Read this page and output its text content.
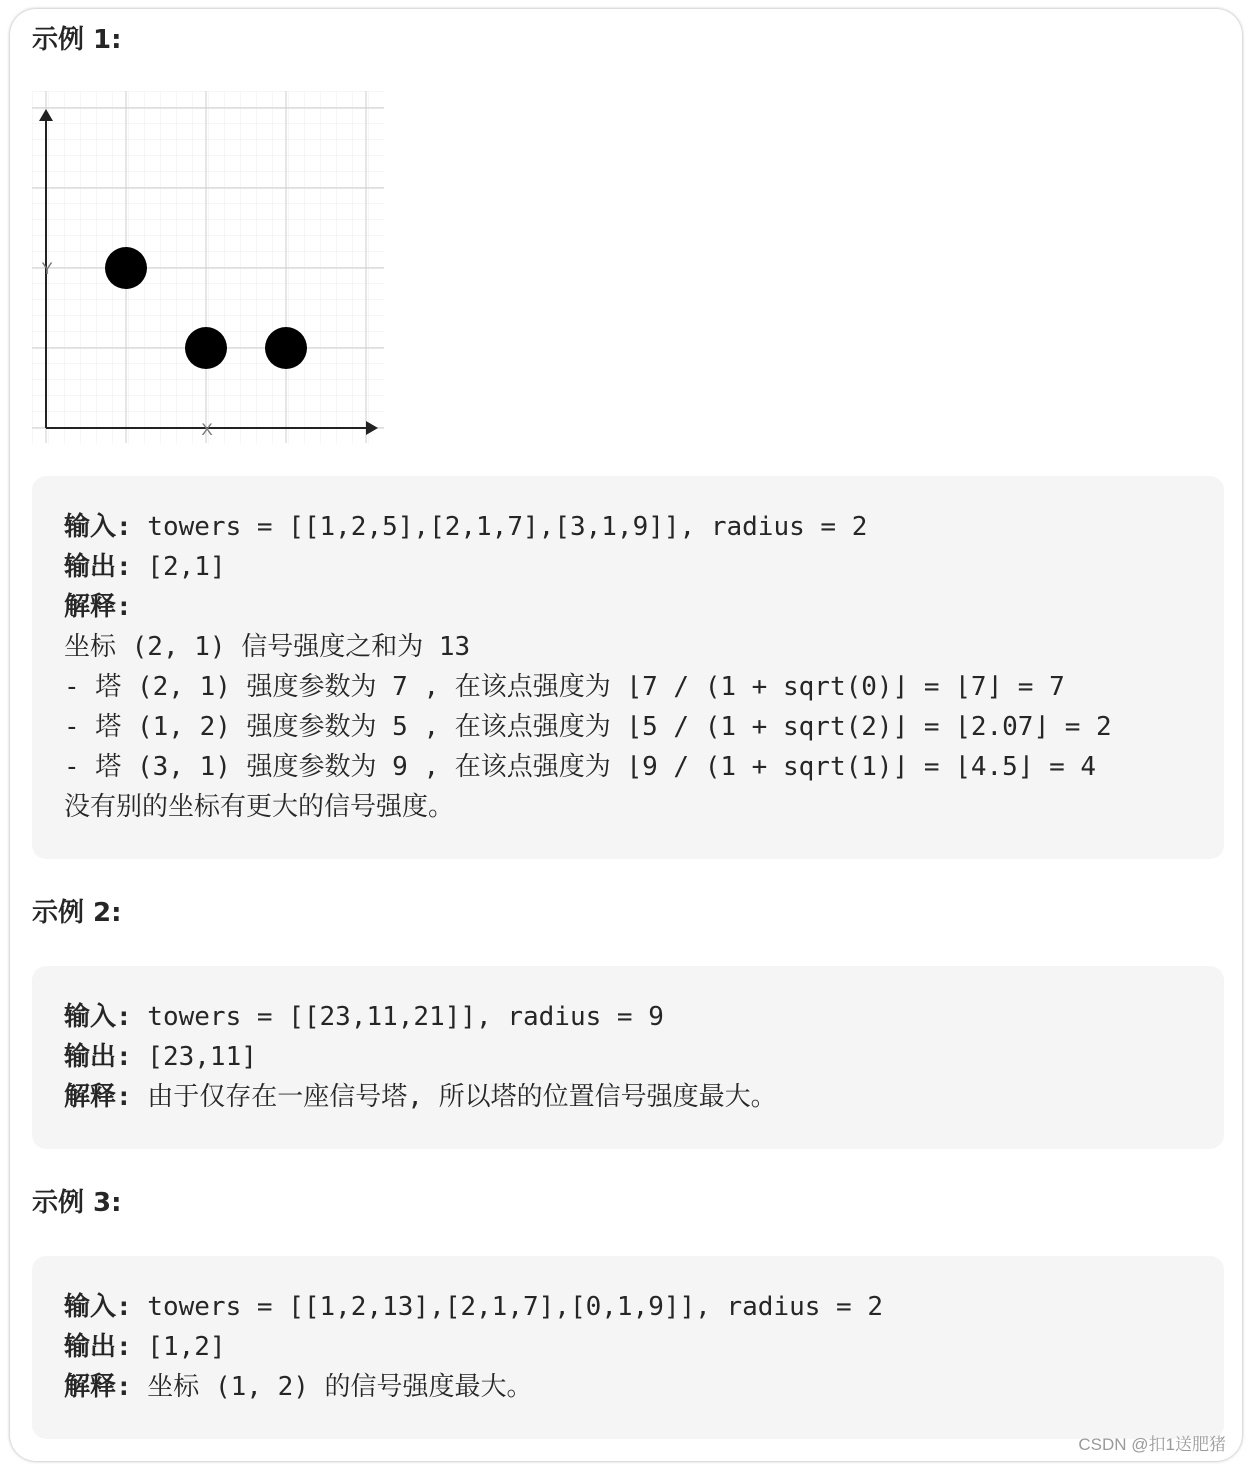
示例 1:
X
Y
输入: towers = [[1,2,5],[2,1,7],[3,1,9]], radius = 2
输出: [2,1]
解释:
坐标 (2, 1) 信号强度之和为 13
- 塔 (2, 1) 强度参数为 7 , 在该点强度为 ⌊7 / (1 + sqrt(0)⌋ = ⌊7⌋ = 7
- 塔 (1, 2) 强度参数为 5 , 在该点强度为 ⌊5 / (1 + sqrt(2)⌋ = ⌊2.07⌋ = 2
- 塔 (3, 1) 强度参数为 9 , 在该点强度为 ⌊9 / (1 + sqrt(1)⌋ = ⌊4.5⌋ = 4
没有别的坐标有更大的信号强度。
示例 2:
输入: towers = [[23,11,21]], radius = 9
输出: [23,11]
解释: 由于仅存在一座信号塔, 所以塔的位置信号强度最大。
示例 3:
输入: towers = [[1,2,13],[2,1,7],[0,1,9]], radius = 2
输出: [1,2]
解释: 坐标 (1, 2) 的信号强度最大。
CSDN @扣1送肥猪
